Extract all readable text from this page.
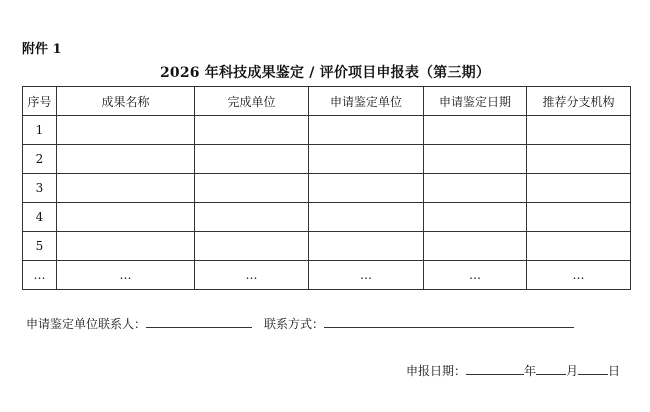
附件 1
2026 年科技成果鉴定 / 评价项目申报表（第三期）
序号	成果名称	完成单位	申请鉴定单位	申请鉴定日期	推荐分支机构
1					
2					
3					
4					
5					
…	…	…	…	…	…
申请鉴定单位联系人：	联系方式：
申报日期：	年	月	日
